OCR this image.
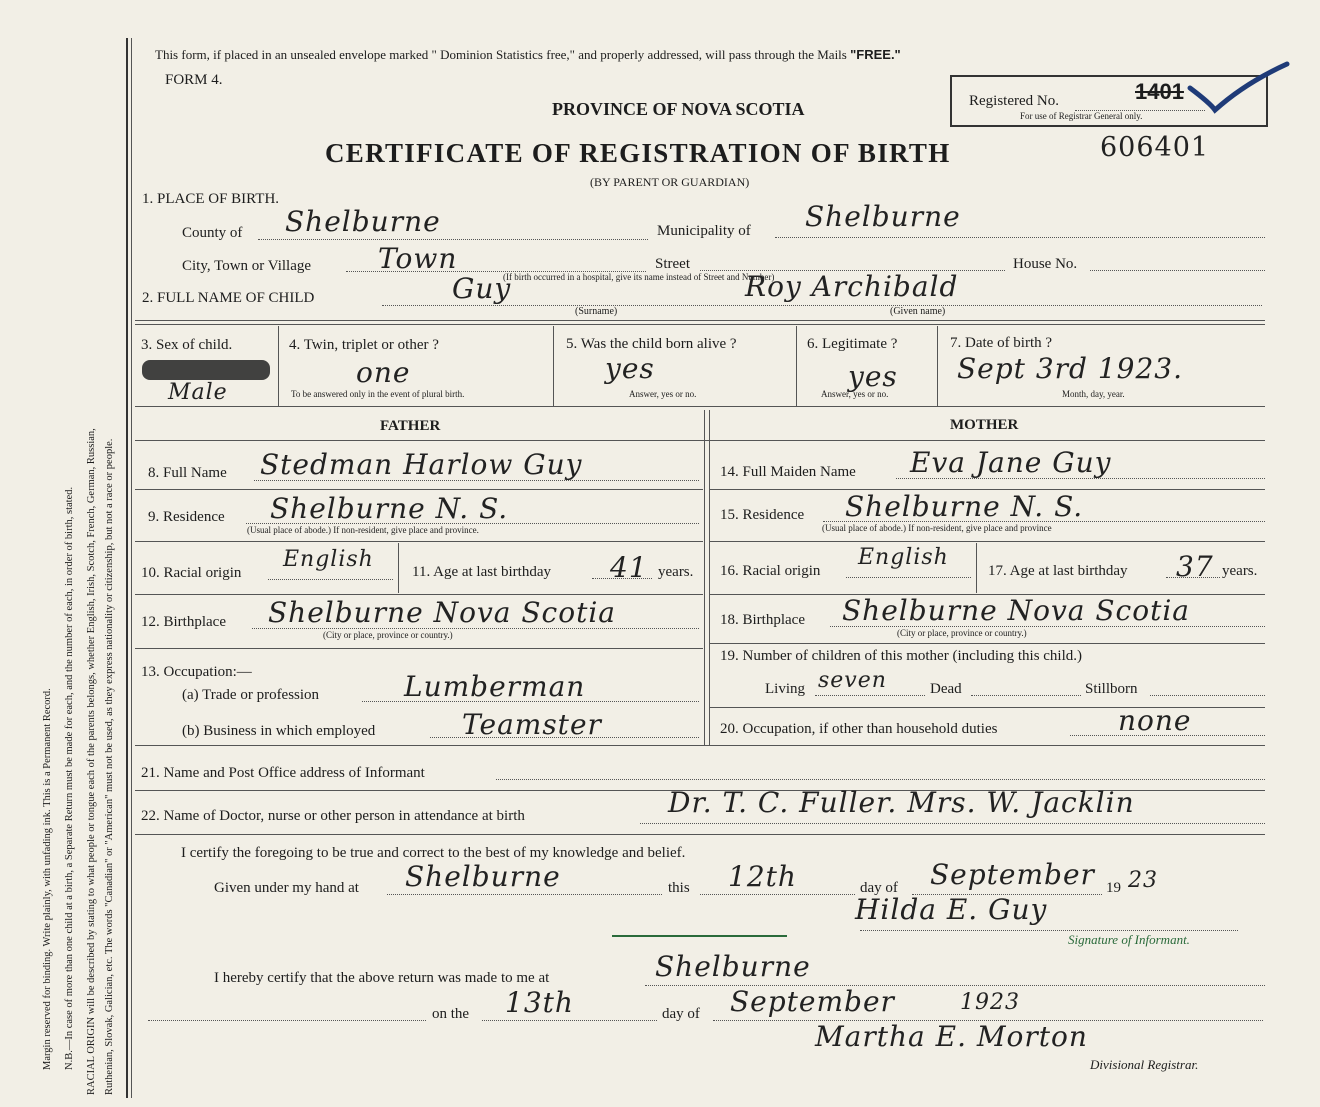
Margin reserved for binding. Write plainly, with unfading ink. This is a Permanent Record. N.B.—In case of more than one child at a birth, a Separate Return must be made for each, and the number of each, in order of birth, stated. RACIAL ORIGIN will be described by stating to what people or tongue each of the parents belongs, whether English, Irish, Scotch, French, German, Russian, Ruthenian, Slovak, Galician, etc. The words "Canadian" or "American" must not be used, as they express nationality or citizenship, but not a race or people.
This form, if placed in an unsealed envelope marked " Dominion Statistics free," and properly addressed, will pass through the Mails "FREE."
FORM 4.
PROVINCE OF NOVA SCOTIA	Registered No.	1401
For use of Registrar General only.
CERTIFICATE OF REGISTRATION OF BIRTH	606401
(BY PARENT OR GUARDIAN)
1. PLACE OF BIRTH.
County of Shelburne	Municipality of Shelburne
City, Town or Village Town	Street	House No.
(If birth occurred in a hospital, give its name instead of Street and Number)
2. FULL NAME OF CHILD	Guy	Roy Archibald
(Surname)	(Given name)
3. Sex of child.
Male
4. Twin, triplet or other ?
one
To be answered only in the event of plural birth.
5. Was the child born alive ?
yes
Answer, yes or no.
6. Legitimate ?
yes
Answer, yes or no.
7. Date of birth ?
Sept 3rd 1923.
Month, day, year.
FATHER	MOTHER
8. Full Name Stedman Harlow Guy
9. Residence Shelburne N. S.
(Usual place of abode.) If non-resident, give place and province.
10. Racial origin
English	11. Age at last birthday 41 years.
12. Birthplace Shelburne Nova Scotia
(City or place, province or country.)
13. Occupation:—
(a) Trade or profession	Lumberman
(b) Business in which employed	Teamster
14. Full Maiden Name Eva Jane Guy
15. Residence Shelburne N. S.
(Usual place of abode.) If non-resident, give place and province
16. Racial origin
English
17. Age at last birthday 37 years.
18. Birthplace Shelburne Nova Scotia
(City or place, province or country.)
19. Number of children of this mother (including this child.)
Living seven	Dead	Stillborn
20. Occupation, if other than household duties	none
21. Name and Post Office address of Informant
22. Name of Doctor, nurse or other person in attendance at birth	Dr. T. C. Fuller. Mrs. W. Jacklin
I certify the foregoing to be true and correct to the best of my knowledge and belief.
Given under my hand at Shelburne	this 12th	day of September 19 23
Hilda E. Guy
Signature of Informant.
I hereby certify that the above return was made to me at	Shelburne
on the 13th	day of September	1923
Martha E. Morton
Divisional Registrar.
